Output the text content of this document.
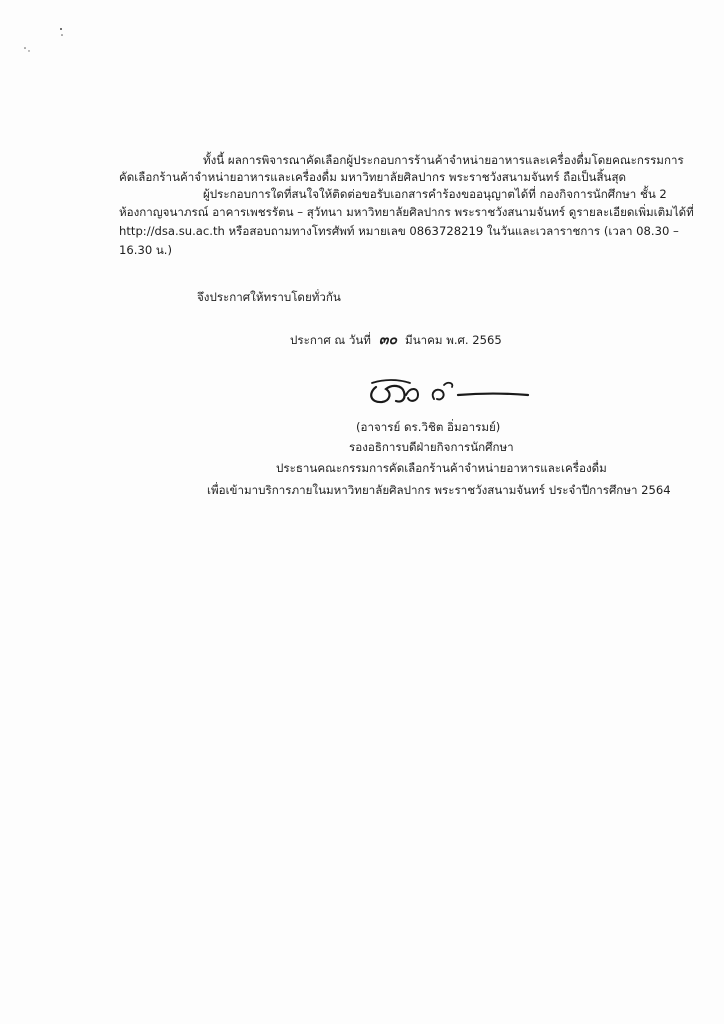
ทั้งนี้ ผลการพิจารณาคัดเลือกผู้ประกอบการร้านค้าจำหน่ายอาหารและเครื่องดื่มโดยคณะกรรมการ
คัดเลือกร้านค้าจำหน่ายอาหารและเครื่องดื่ม มหาวิทยาลัยศิลปากร พระราชวังสนามจันทร์ ถือเป็นสิ้นสุด
ผู้ประกอบการใดที่สนใจให้ติดต่อขอรับเอกสารคำร้องขออนุญาตได้ที่ กองกิจการนักศึกษา ชั้น 2
ห้องกาญจนาภรณ์ อาคารเพชรรัตน – สุวัทนา มหาวิทยาลัยศิลปากร พระราชวังสนามจันทร์ ดูรายละเอียดเพิ่มเติมได้ที่
http://dsa.su.ac.th หรือสอบถามทางโทรศัพท์ หมายเลข 0863728219 ในวันและเวลาราชการ (เวลา 08.30 –
16.30 น.)
จึงประกาศให้ทราบโดยทั่วกัน
ประกาศ ณ วันที่ ๓๐ มีนาคม พ.ศ. 2565
(อาจารย์ ดร.วิชิต อิ่มอารมย์)
รองอธิการบดีฝ่ายกิจการนักศึกษา
ประธานคณะกรรมการคัดเลือกร้านค้าจำหน่ายอาหารและเครื่องดื่ม
เพื่อเข้ามาบริการภายในมหาวิทยาลัยศิลปากร พระราชวังสนามจันทร์ ประจำปีการศึกษา 2564
